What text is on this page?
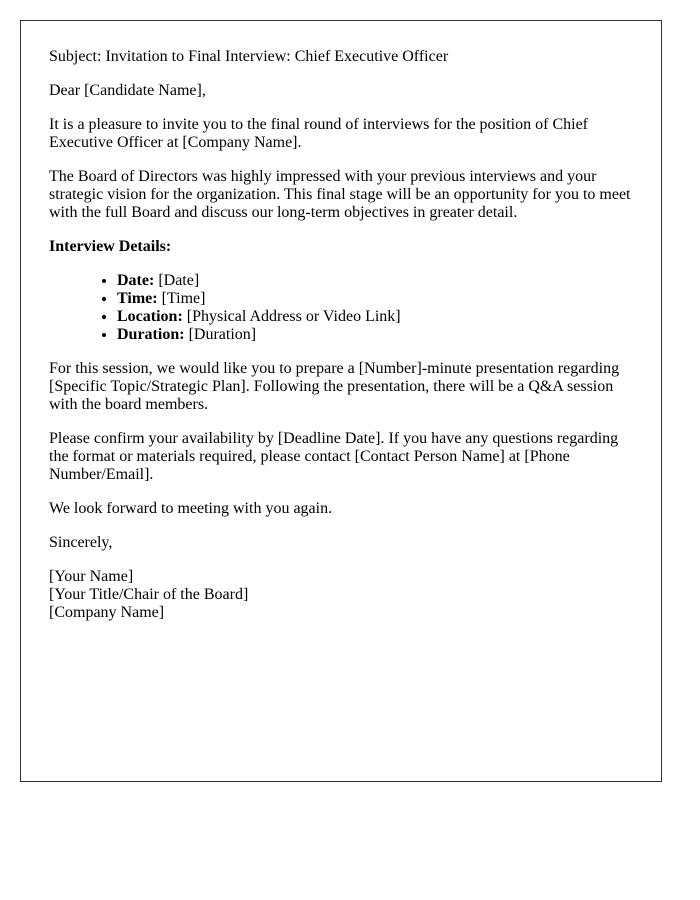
Subject: Invitation to Final Interview: Chief Executive Officer

Dear [Candidate Name],

It is a pleasure to invite you to the final round of interviews for the position of Chief Executive Officer at [Company Name].

The Board of Directors was highly impressed with your previous interviews and your strategic vision for the organization. This final stage will be an opportunity for you to meet with the full Board and discuss our long-term objectives in greater detail.

Interview Details:

• Date: [Date]
• Time: [Time]
• Location: [Physical Address or Video Link]
• Duration: [Duration]

For this session, we would like you to prepare a [Number]-minute presentation regarding [Specific Topic/Strategic Plan]. Following the presentation, there will be a Q&A session with the board members.

Please confirm your availability by [Deadline Date]. If you have any questions regarding the format or materials required, please contact [Contact Person Name] at [Phone Number/Email].

We look forward to meeting with you again.

Sincerely,

[Your Name]

[Your Title/Chair of the Board]

[Company Name]
